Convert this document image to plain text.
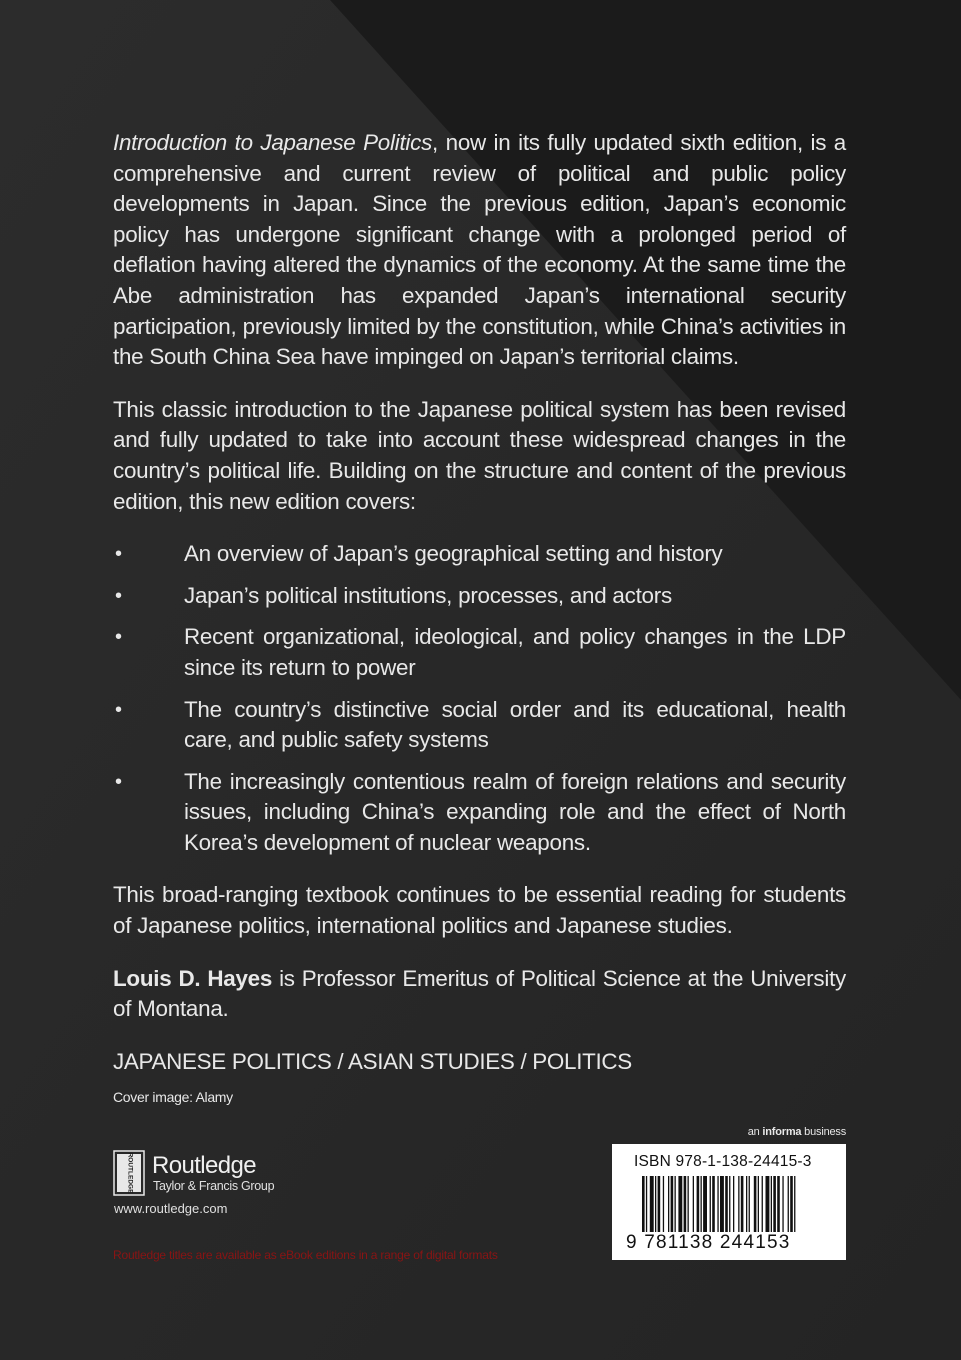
Introduction to Japanese Politics, now in its fully updated sixth edition, is a comprehensive and current review of political and public policy developments in Japan. Since the previous edition, Japan’s economic policy has undergone significant change with a prolonged period of deflation having altered the dynamics of the economy. At the same time the Abe administration has expanded Japan’s international security participation, previously limited by the constitution, while China’s activities in the South China Sea have impinged on Japan’s territorial claims.

This classic introduction to the Japanese political system has been revised and fully updated to take into account these widespread changes in the country’s political life. Building on the structure and content of the previous edition, this new edition covers:

•	An overview of Japan’s geographical setting and history
•	Japan’s political institutions, processes, and actors
•	Recent organizational, ideological, and policy changes in the LDP since its return to power
•	The country’s distinctive social order and its educational, health care, and public safety systems
•	The increasingly contentious realm of foreign relations and security issues, including China’s expanding role and the effect of North Korea’s development of nuclear weapons.

This broad-ranging textbook continues to be essential reading for students of Japanese politics, international politics and Japanese studies.

Louis D. Hayes is Professor Emeritus of Political Science at the University of Montana.

JAPANESE POLITICS / ASIAN STUDIES / POLITICS
Cover image: Alamy
ROUTLEDGE Routledge
Taylor & Francis Group
www.routledge.com
Routledge titles are available as eBook editions in a range of digital formats
an informa business
ISBN 978-1-138-24415-3
9 781138 244153
